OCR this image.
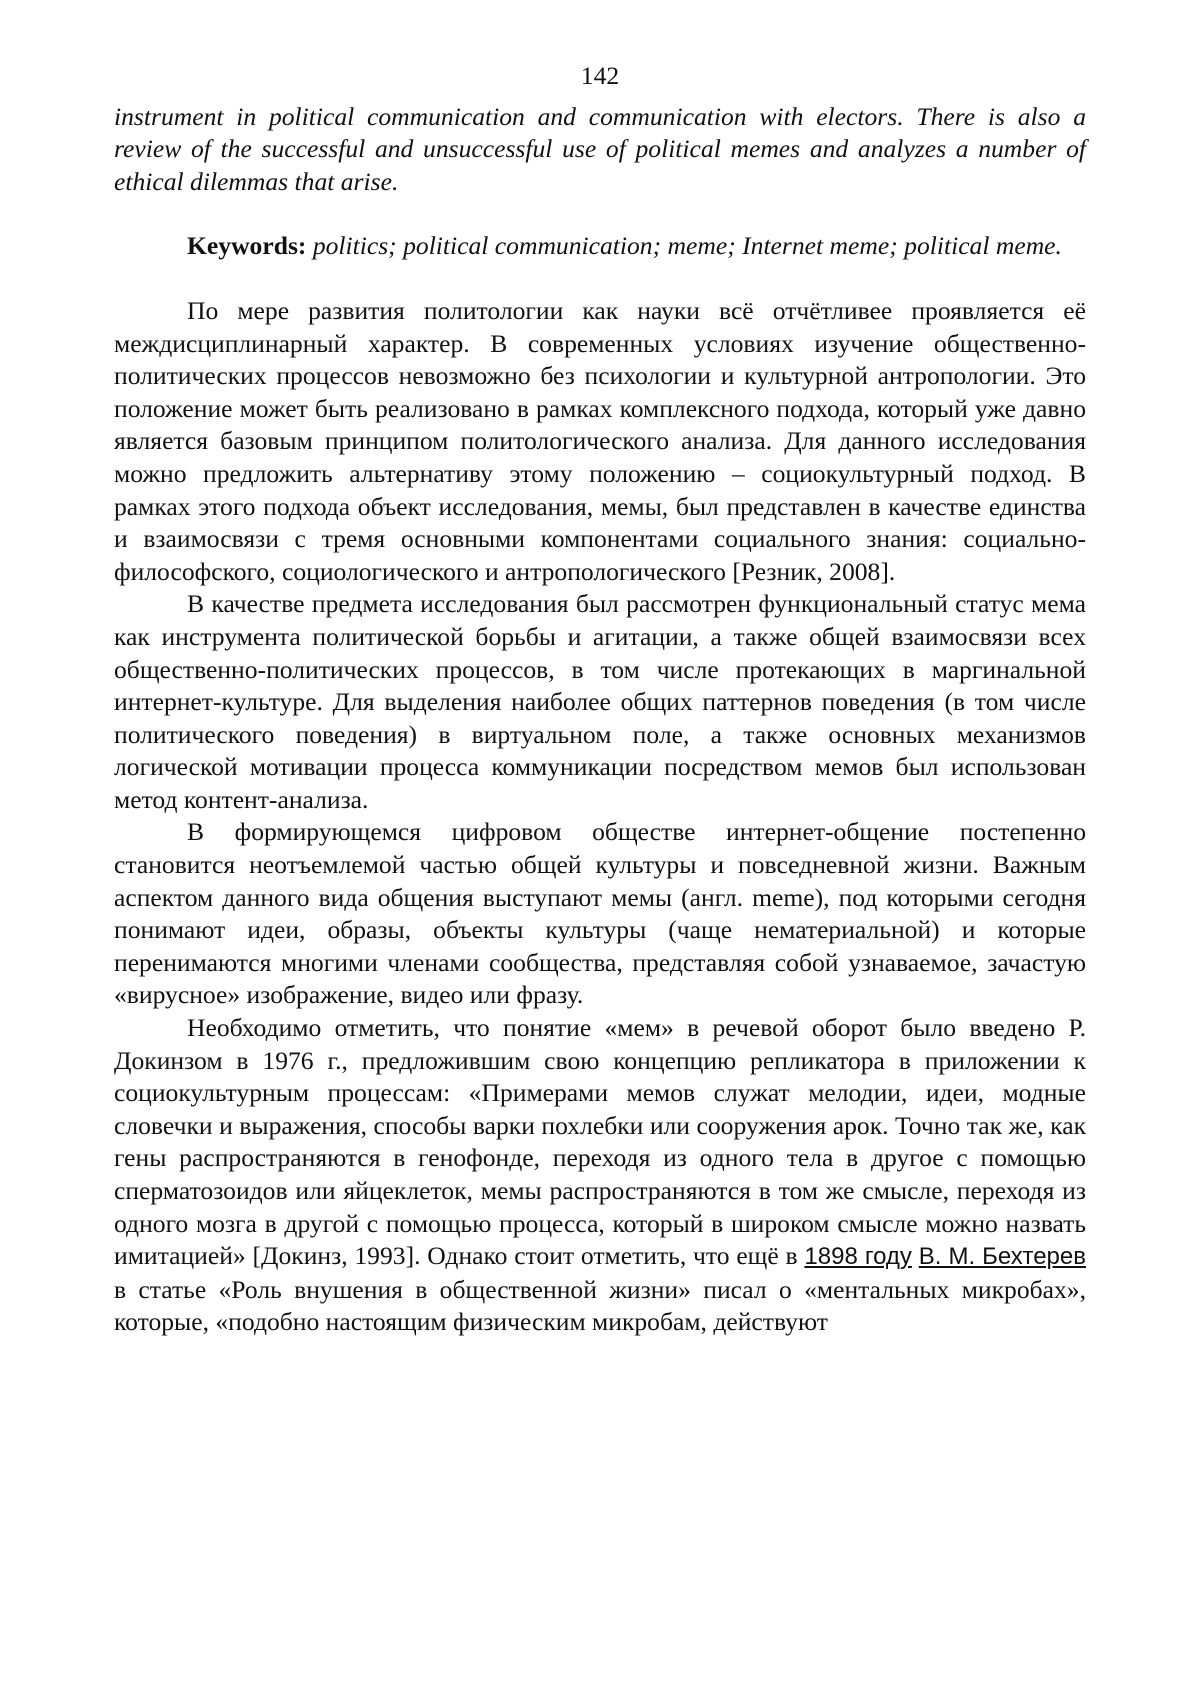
142

instrument in political communication and communication with electors. There is also a review of the successful and unsuccessful use of political memes and analyzes a number of ethical dilemmas that arise.

Keywords: politics; political communication; meme; Internet meme; political meme.

По мере развития политологии как науки всё отчётливее проявляется её междисциплинарный характер. В современных условиях изучение общественно-политических процессов невозможно без психологии и культурной антропологии. Это положение может быть реализовано в рамках комплексного подхода, который уже давно является базовым принципом политологического анализа. Для данного исследования можно предложить альтернативу этому положению – социокультурный подход. В рамках этого подхода объект исследования, мемы, был представлен в качестве единства и взаимосвязи с тремя основными компонентами социального знания: социально-философского, социологического и антропологического [Резник, 2008].

В качестве предмета исследования был рассмотрен функциональный статус мема как инструмента политической борьбы и агитации, а также общей взаимосвязи всех общественно-политических процессов, в том числе протекающих в маргинальной интернет-культуре. Для выделения наиболее общих паттернов поведения (в том числе политического поведения) в виртуальном поле, а также основных механизмов логической мотивации процесса коммуникации посредством мемов был использован метод контент-анализа.

В формирующемся цифровом обществе интернет-общение постепенно становится неотъемлемой частью общей культуры и повседневной жизни. Важным аспектом данного вида общения выступают мемы (англ. meme), под которыми сегодня понимают идеи, образы, объекты культуры (чаще нематериальной) и которые перенимаются многими членами сообщества, представляя собой узнаваемое, зачастую «вирусное» изображение, видео или фразу.

Необходимо отметить, что понятие «мем» в речевой оборот было введено Р. Докинзом в 1976 г., предложившим свою концепцию репликатора в приложении к социокультурным процессам: «Примерами мемов служат мелодии, идеи, модные словечки и выражения, способы варки похлебки или сооружения арок. Точно так же, как гены распространяются в генофонде, переходя из одного тела в другое с помощью сперматозоидов или яйцеклеток, мемы распространяются в том же смысле, переходя из одного мозга в другой с помощью процесса, который в широком смысле можно назвать имитацией» [Докинз, 1993]. Однако стоит отметить, что ещё в 1898 году В. М. Бехтерев в статье «Роль внушения в общественной жизни» писал о «ментальных микробах», которые, «подобно настоящим физическим микробам, действуют
